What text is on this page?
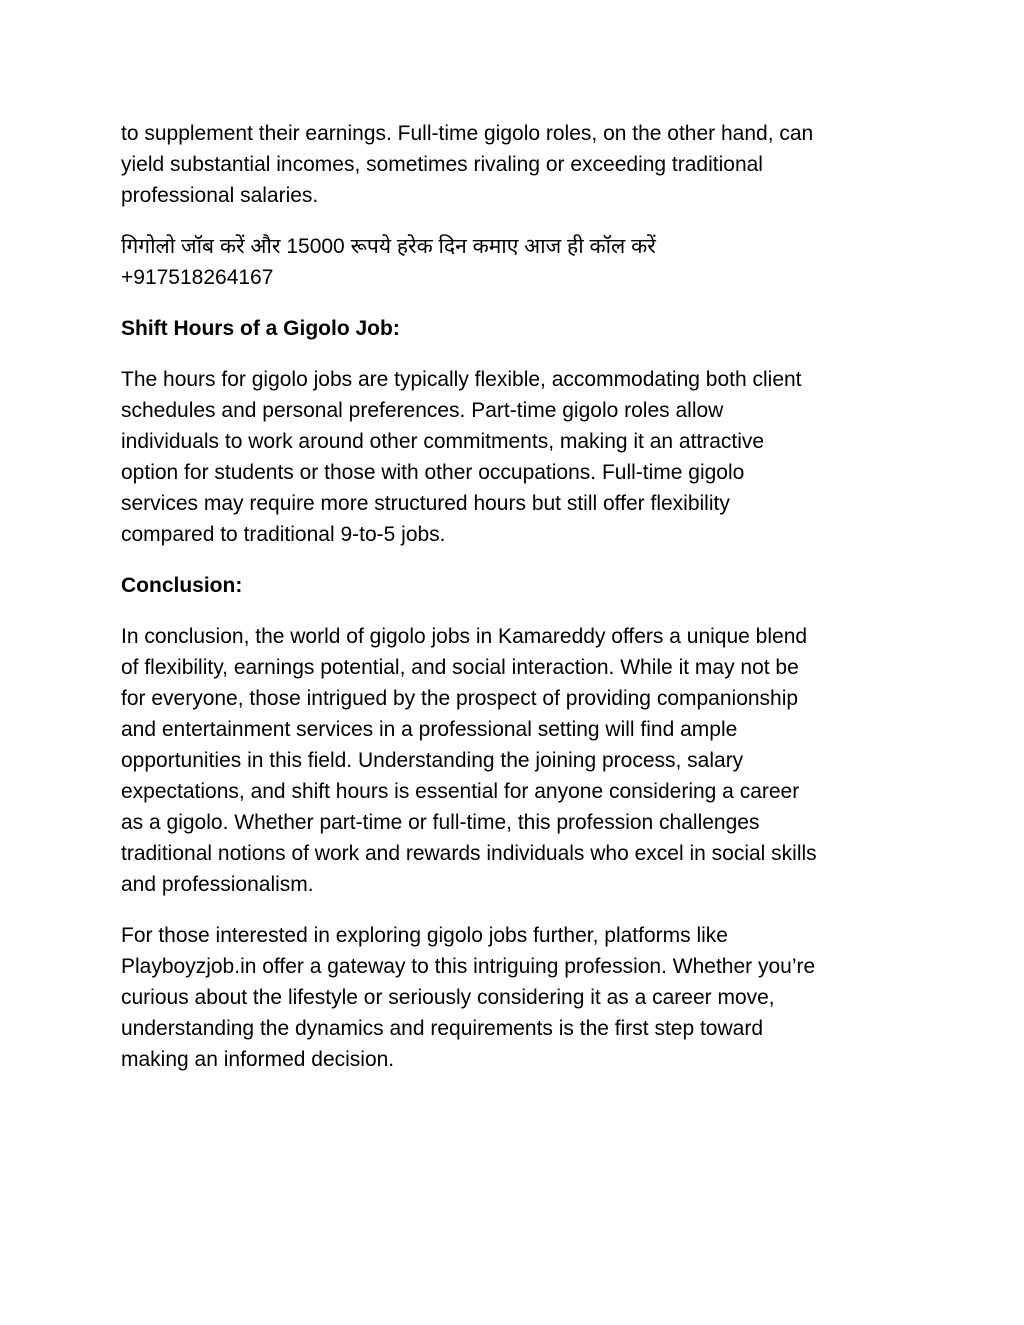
to supplement their earnings. Full-time gigolo roles, on the other hand, can
yield substantial incomes, sometimes rivaling or exceeding traditional
professional salaries.

गिगोलो जॉब करें और 15000 रूपये हरेक दिन कमाए आज ही कॉल करें
+917518264167

Shift Hours of a Gigolo Job:

The hours for gigolo jobs are typically flexible, accommodating both client
schedules and personal preferences. Part-time gigolo roles allow
individuals to work around other commitments, making it an attractive
option for students or those with other occupations. Full-time gigolo
services may require more structured hours but still offer flexibility
compared to traditional 9-to-5 jobs.

Conclusion:

In conclusion, the world of gigolo jobs in Kamareddy offers a unique blend
of flexibility, earnings potential, and social interaction. While it may not be
for everyone, those intrigued by the prospect of providing companionship
and entertainment services in a professional setting will find ample
opportunities in this field. Understanding the joining process, salary
expectations, and shift hours is essential for anyone considering a career
as a gigolo. Whether part-time or full-time, this profession challenges
traditional notions of work and rewards individuals who excel in social skills
and professionalism.

For those interested in exploring gigolo jobs further, platforms like
Playboyzjob.in offer a gateway to this intriguing profession. Whether you’re
curious about the lifestyle or seriously considering it as a career move,
understanding the dynamics and requirements is the first step toward
making an informed decision.
